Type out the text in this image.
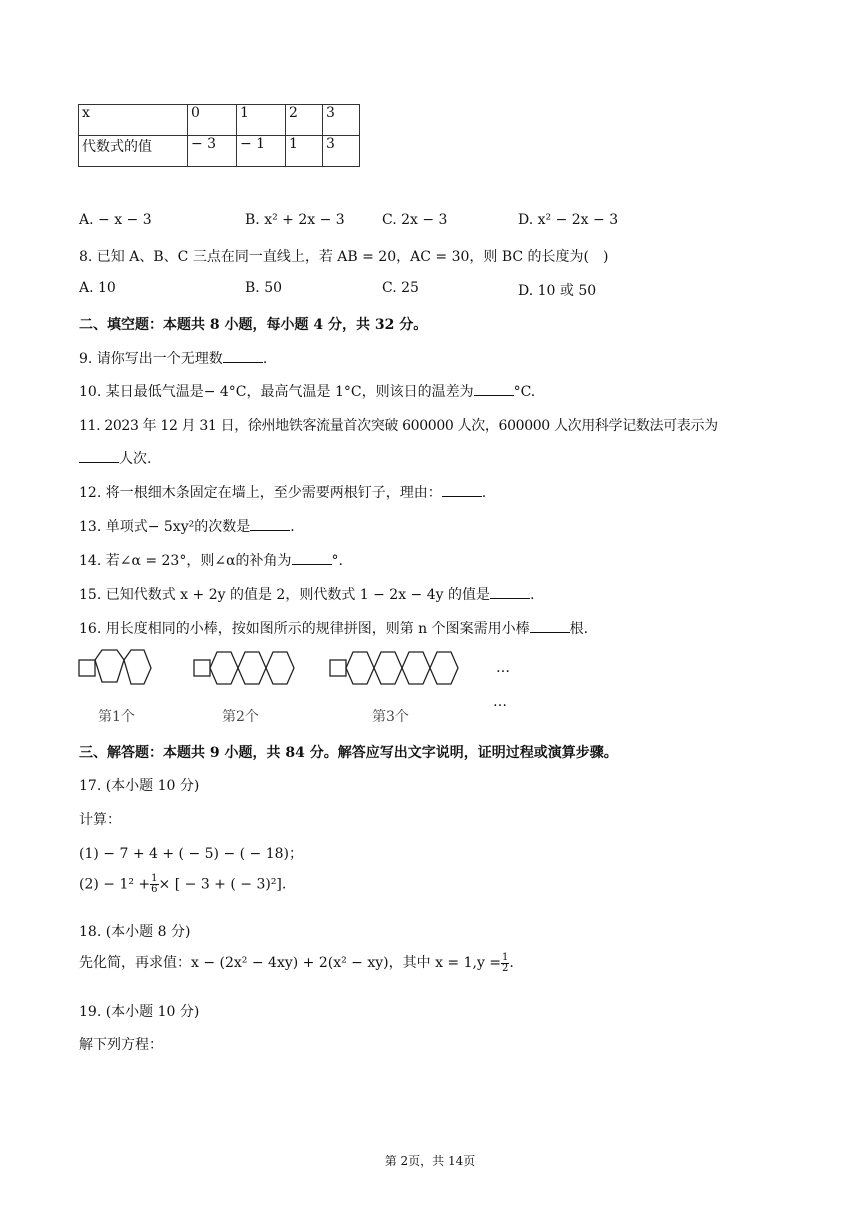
x	0	1	2	3
代数式的值	− 3	− 1	1	3
A. − x − 3	B. x² + 2x − 3	C. 2x − 3	D. x² − 2x − 3
8. 已知 A、B、C 三点在同一直线上，若 AB = 20，AC = 30，则 BC 的长度为(　)
A. 10	B. 50	C. 25	D. 10 或 50
二、填空题：本题共 8 小题，每小题 4 分，共 32 分。
9. 请你写出一个无理数	.
10. 某日最低气温是− 4°C，最高气温是 1°C，则该日的温差为	°C.
11. 2023 年 12 月 31 日，徐州地铁客流量首次突破 600000 人次，600000 人次用科学记数法可表示为
人次.
12. 将一根细木条固定在墙上，至少需要两根钉子，理由：	.
13. 单项式− 5xy²的次数是	.
14. 若∠α = 23°，则∠α的补角为	°.
15. 已知代数式 x + 2y 的值是 2，则代数式 1 − 2x − 4y 的值是	.
16. 用长度相同的小棒，按如图所示的规律拼图，则第 n 个图案需用小棒	根.
…
…
第1个	第2个	第3个
三、解答题：本题共 9 小题，共 84 分。解答应写出文字说明，证明过程或演算步骤。
17. (本小题 10 分)
计算：
(1) − 7 + 4 + ( − 5) − ( − 18)；
$(2) - 1^2 + \frac{1}{6}$ × [ − 3 + ( − 3)²].
18. (本小题 8 分)
先化简，再求值：x − (2x² − 4xy) + 2(x² − xy)，其中 $x = 1,y = \frac{1}{2}$ .
19. (本小题 10 分)
解下列方程：
第 2页，共 14页
